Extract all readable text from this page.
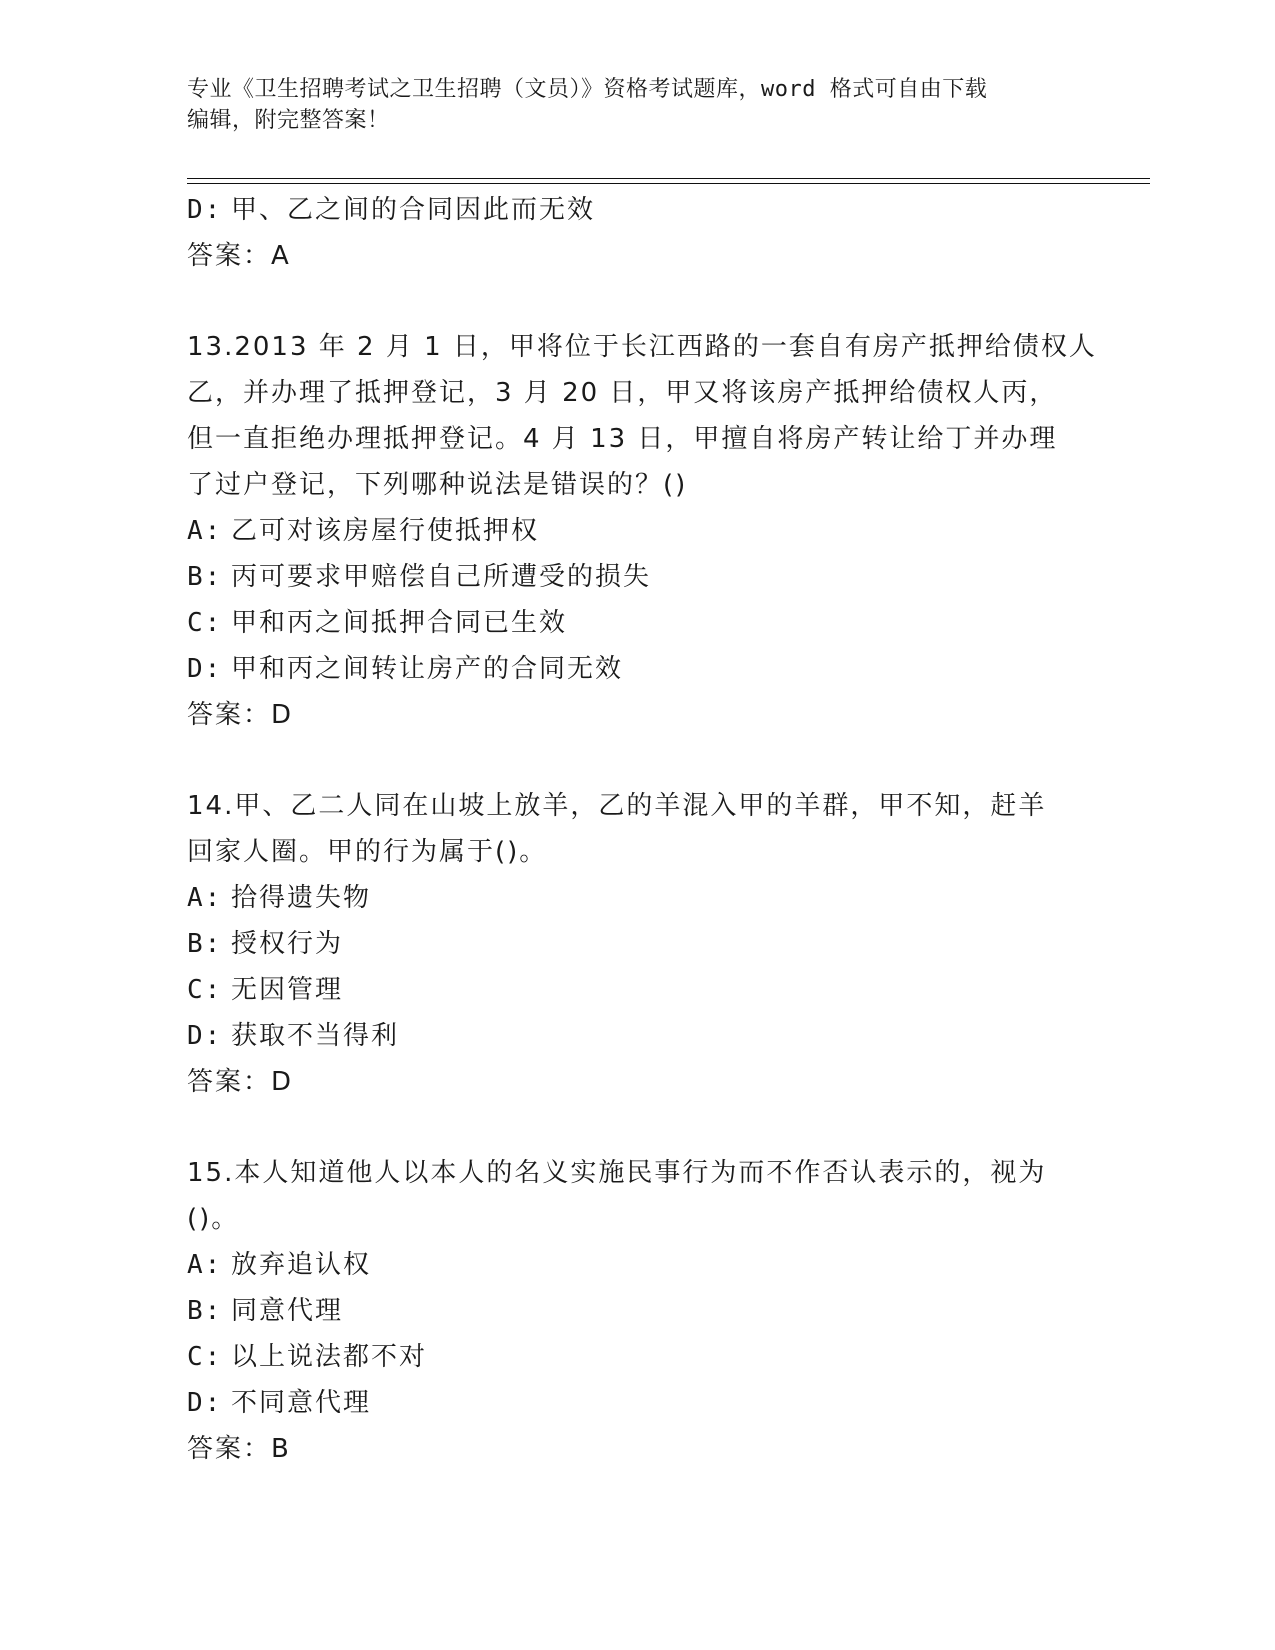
专业《卫生招聘考试之卫生招聘（文员）》资格考试题库，word 格式可自由下载
编辑，附完整答案！
D: 甲、乙之间的合同因此而无效
答案：A
13.2013 年 2 月 1 日，甲将位于长江西路的一套自有房产抵押给债权人
乙，并办理了抵押登记，3 月 20 日，甲又将该房产抵押给债权人丙，
但一直拒绝办理抵押登记。4 月 13 日，甲擅自将房产转让给丁并办理
了过户登记，下列哪种说法是错误的？()
A: 乙可对该房屋行使抵押权
B: 丙可要求甲赔偿自己所遭受的损失
C: 甲和丙之间抵押合同已生效
D: 甲和丙之间转让房产的合同无效
答案：D
14.甲、乙二人同在山坡上放羊，乙的羊混入甲的羊群，甲不知，赶羊
回家人圈。甲的行为属于()。
A: 拾得遗失物
B: 授权行为
C: 无因管理
D: 获取不当得利
答案：D
15.本人知道他人以本人的名义实施民事行为而不作否认表示的，视为
()。
A: 放弃追认权
B: 同意代理
C: 以上说法都不对
D: 不同意代理
答案：B
